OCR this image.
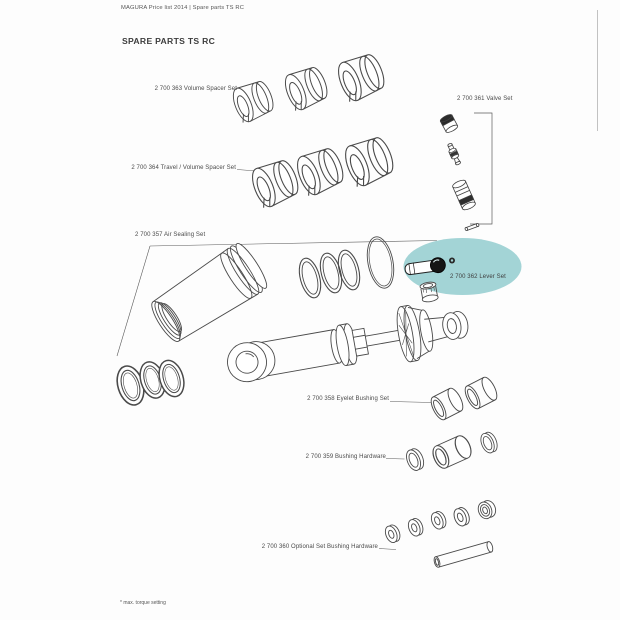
MAGURA Price list 2014 | Spare parts TS RC
SPARE PARTS TS RC
2 700 363 Volume Spacer Set
2 700 364 Travel / Volume Spacer Set
2 700 357 Air Sealing Set
2 700 361 Valve Set
2 700 362 Lever Set
2 700 358 Eyelet Bushing Set
2 700 359 Bushing Hardware
2 700 360 Optional Set Bushing Hardware
* max. torque setting
